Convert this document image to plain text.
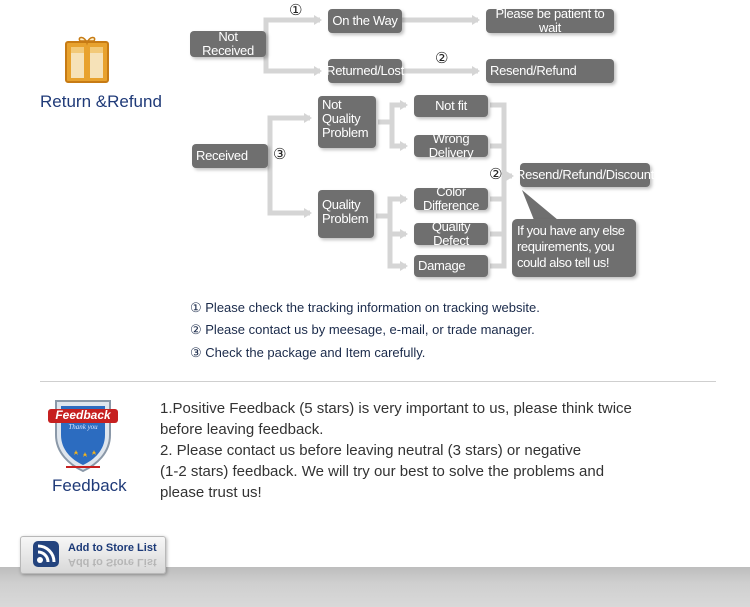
Return &Refund
①
②
③
②
Not Received
On the Way	Please be patient to wait
Returned/Lost	Resend/Refund
Received
Not Quality Problem
Not fit
Wrong Delivery
Quality Problem
Color Difference
Quality Defect
Damage
Resend/Refund/Discount
If you have any else requirements, you could also tell us!
① Please check the tracking information on tracking website.
② Please contact us by meesage, e-mail, or trade manager.
③ Check the package and Item carefully.
Feedback
Thank you
Feedback
1.Positive Feedback (5 stars) is very important to us, please think twice
before leaving feedback.
2. Please contact us before leaving neutral (3 stars) or negative
(1-2 stars) feedback. We will try our best to solve the problems and
please trust us!
Add to Store List
Add to Store List
